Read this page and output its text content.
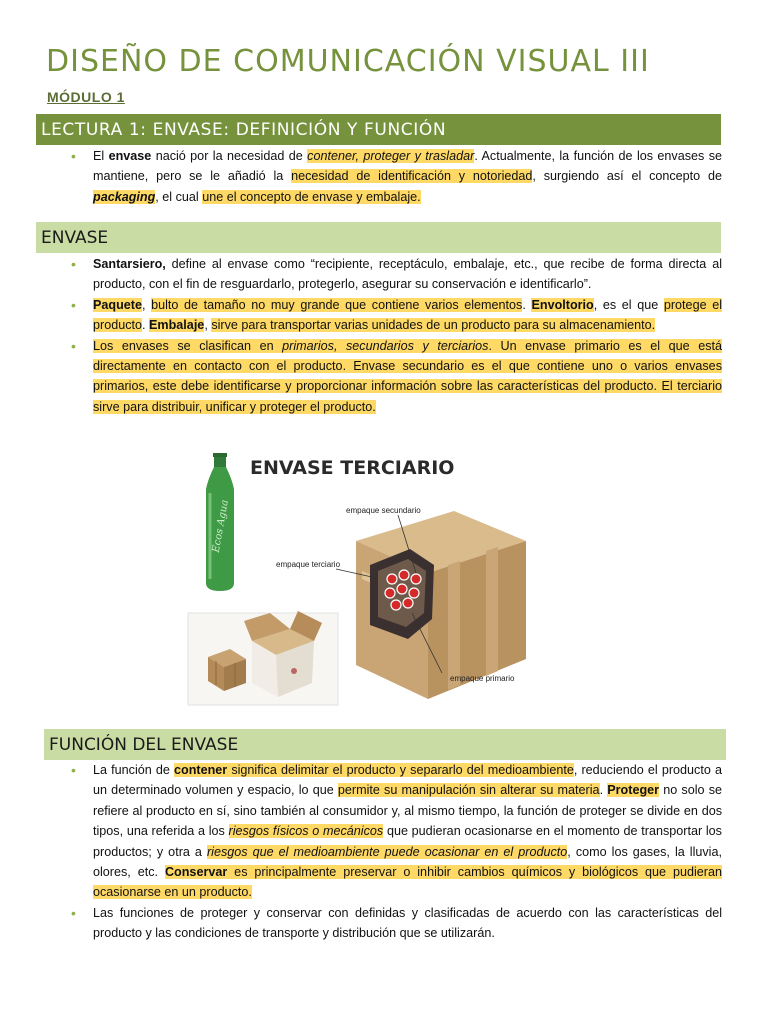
DISEÑO DE COMUNICACIÓN VISUAL III
MÓDULO 1
LECTURA 1: ENVASE: DEFINICIÓN Y FUNCIÓN
• El envase nació por la necesidad de contener, proteger y trasladar. Actualmente, la función de los envases se mantiene, pero se le añadió la necesidad de identificación y notoriedad, surgiendo así el concepto de packaging, el cual une el concepto de envase y embalaje.
ENVASE
• Santarsiero, define al envase como “recipiente, receptáculo, embalaje, etc., que recibe de forma directa al producto, con el fin de resguardarlo, protegerlo, asegurar su conservación e identificarlo”.
• Paquete, bulto de tamaño no muy grande que contiene varios elementos. Envoltorio, es el que protege el producto. Embalaje, sirve para transportar varias unidades de un producto para su almacenamiento.
• Los envases se clasifican en primarios, secundarios y terciarios. Un envase primario es el que está directamente en contacto con el producto. Envase secundario es el que contiene uno o varios envases primarios, este debe identificarse y proporcionar información sobre las características del producto. El terciario sirve para distribuir, unificar y proteger el producto.
ENVASE TERCIARIO
Ecos Agua	empaque secundario
empaque terciario
empaque primario
FUNCIÓN DEL ENVASE
• La función de contener significa delimitar el producto y separarlo del medioambiente, reduciendo el producto a un determinado volumen y espacio, lo que permite su manipulación sin alterar su materia. Proteger no solo se refiere al producto en sí, sino también al consumidor y, al mismo tiempo, la función de proteger se divide en dos tipos, una referida a los riesgos físicos o mecánicos que pudieran ocasionarse en el momento de transportar los productos; y otra a riesgos que el medioambiente puede ocasionar en el producto, como los gases, la lluvia, olores, etc. Conservar es principalmente preservar o inhibir cambios químicos y biológicos que pudieran ocasionarse en un producto.
• Las funciones de proteger y conservar con definidas y clasificadas de acuerdo con las características del producto y las condiciones de transporte y distribución que se utilizarán.
